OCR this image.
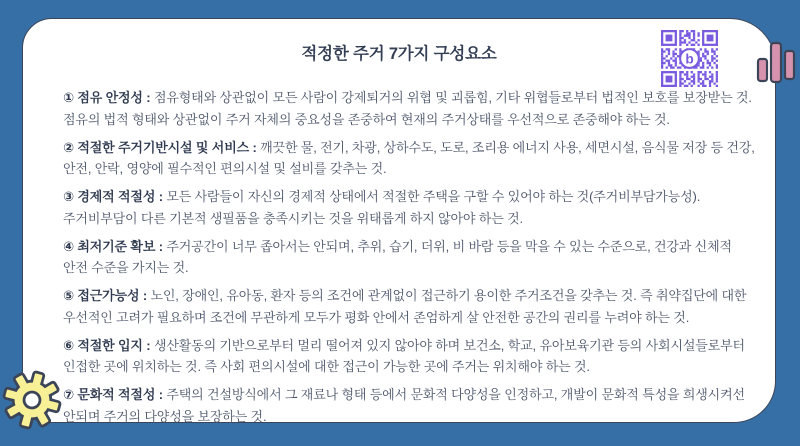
적정한 주거 7가지 구성요소

① 점유 안정성 : 점유형태와 상관없이 모든 사람이 강제퇴거의 위협 및 괴롭힘, 기타 위협들로부터 법적인 보호를 보장받는 것. 점유의 법적 형태와 상관없이 주거 자체의 중요성을 존중하여 현재의 주거상태를 우선적으로 존중해야 하는 것.

② 적절한 주거기반시설 및 서비스 : 깨끗한 물, 전기, 차광, 상하수도, 도로, 조리용 에너지 사용, 세면시설, 음식물 저장 등 건강, 안전, 안락, 영양에 필수적인 편의시설 및 설비를 갖추는 것.

③ 경제적 적절성 : 모든 사람들이 자신의 경제적 상태에서 적절한 주택을 구할 수 있어야 하는 것(주거비부담가능성). 주거비부담이 다른 기본적 생필품을 충족시키는 것을 위태롭게 하지 않아야 하는 것.

④ 최저기준 확보 : 주거공간이 너무 좁아서는 안되며, 추위, 습기, 더위, 비 바람 등을 막을 수 있는 수준으로, 건강과 신체적 안전 수준을 가지는 것.

⑤ 접근가능성 : 노인, 장애인, 유아동, 환자 등의 조건에 관계없이 접근하기 용이한 주거조건을 갖추는 것. 즉 취약집단에 대한 우선적인 고려가 필요하며 조건에 무관하게 모두가 평화 안에서 존엄하게 살 안전한 공간의 권리를 누려야 하는 것.

⑥ 적절한 입지 : 생산활동의 기반으로부터 멀리 떨어져 있지 않아야 하며 보건소, 학교, 유아보육기관 등의 사회시설들로부터 인접한 곳에 위치하는 것. 즉 사회 편의시설에 대한 접근이 가능한 곳에 주거는 위치해야 하는 것.

⑦ 문화적 적절성 : 주택의 건설방식에서 그 재료나 형태 등에서 문화적 다양성을 인정하고, 개발이 문화적 특성을 희생시켜선 안되며 주거의 다양성을 보장하는 것.

b
